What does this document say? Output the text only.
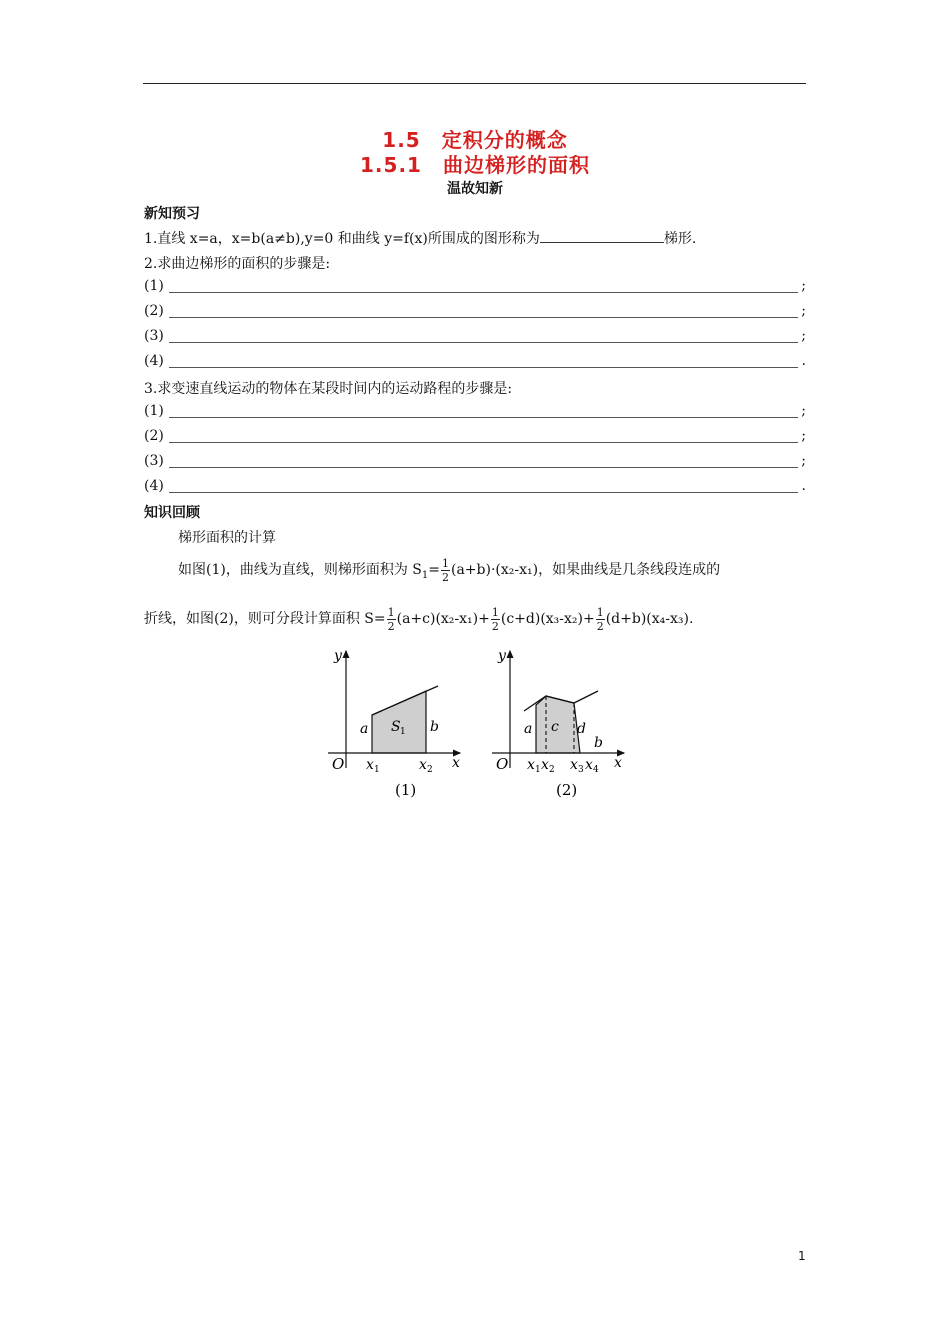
1.5　定积分的概念
1.5.1　曲边梯形的面积
温故知新
新知预习
1.直线 x=a，x=b(a≠b),y=0 和曲线 y=f(x)所围成的图形称为	梯形.
2.求曲边梯形的面积的步骤是:
(1)	;
(2)	;
(3)	;
(4)	.
3.求变速直线运动的物体在某段时间内的运动路程的步骤是:
(1)	;
(2)	;
(3)	;
(4)	.
知识回顾
梯形面积的计算
如图(1)，曲线为直线，则梯形面积为 $S_1= \frac{1}{2} (a+b)\cdot(x_2-x_1)$，如果曲线是几条线段连成的
折线，如图(2)，则可分段计算面积 $S= \frac{1}{2} (a+c)(x_2-x_1)+ \frac{1}{2} (c+d)(x_3-x_2)+ \frac{1}{2} (d+b)(x_4-x_3)$.
y
x
O
a	b
S 1
x 1	x 2
(1)
y
x
O
a c d
b
x 1 x 2 x 3 x 4
(2)
1
